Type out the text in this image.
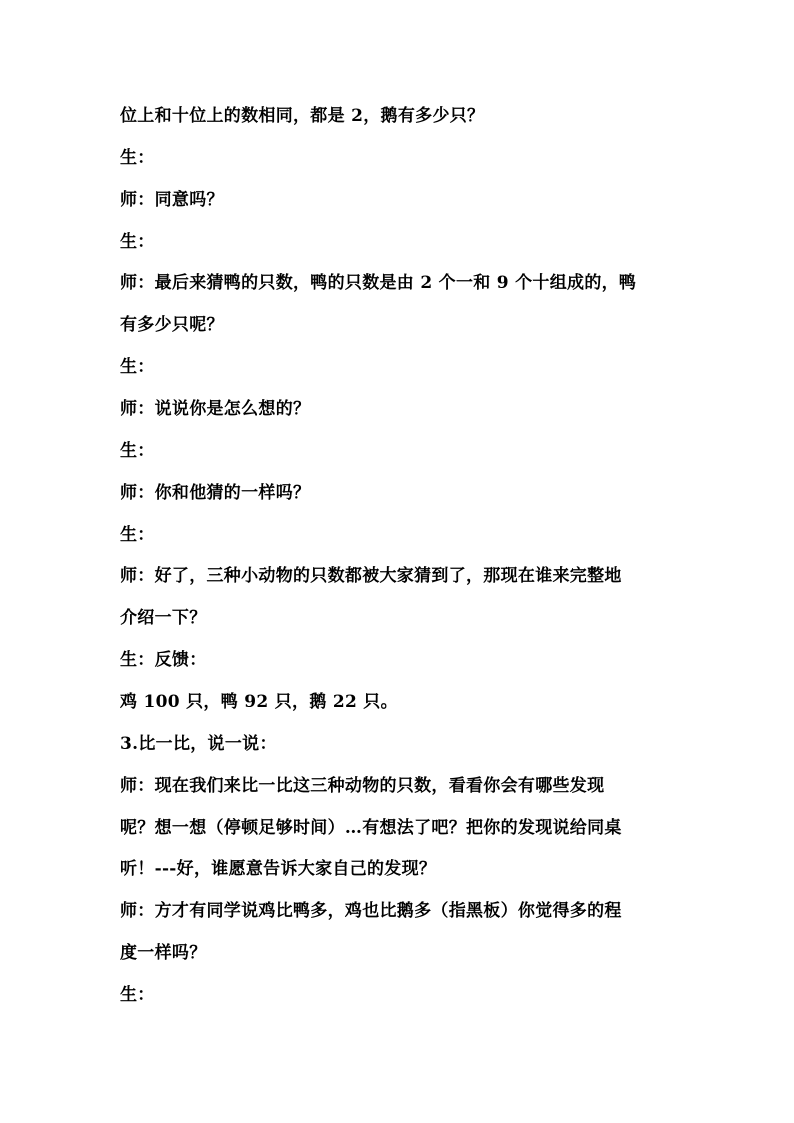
位上和十位上的数相同，都是 2，鹅有多少只？
生：
师：同意吗？
生：
师：最后来猜鸭的只数，鸭的只数是由 2 个一和 9 个十组成的，鸭
有多少只呢？
生：
师：说说你是怎么想的？
生：
师：你和他猜的一样吗？
生：
师：好了，三种小动物的只数都被大家猜到了，那现在谁来完整地
介绍一下？
生：反馈：
鸡 100 只，鸭 92 只，鹅 22 只。
3.比一比，说一说：
师：现在我们来比一比这三种动物的只数，看看你会有哪些发现
呢？想一想（停顿足够时间）…有想法了吧？把你的发现说给同桌
听！---好，谁愿意告诉大家自己的发现？
师：方才有同学说鸡比鸭多，鸡也比鹅多（指黑板）你觉得多的程
度一样吗？
生：
